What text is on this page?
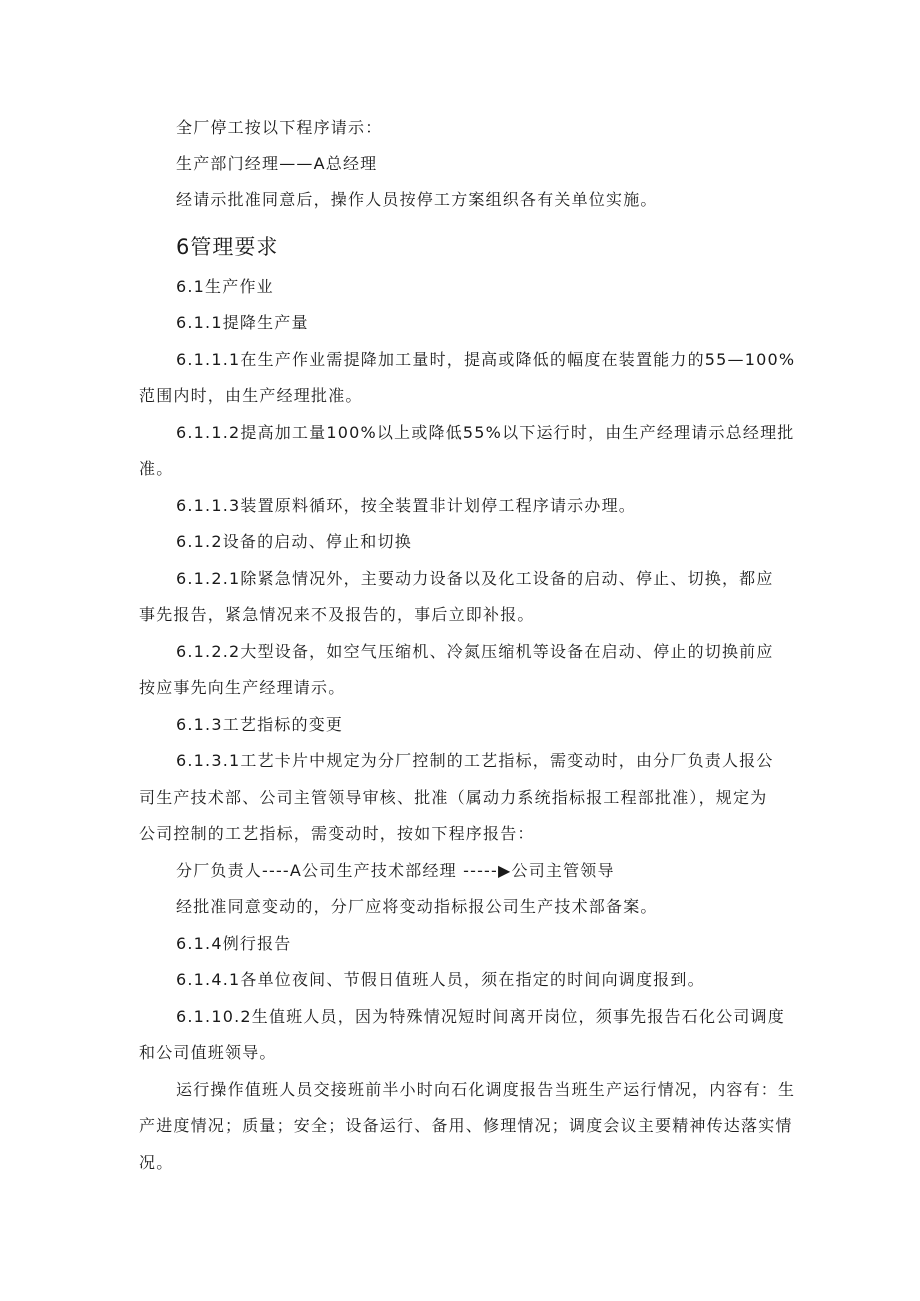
全厂停工按以下程序请示：
生产部门经理——A总经理
经请示批准同意后，操作人员按停工方案组织各有关单位实施。
6管理要求
6.1生产作业
6.1.1提降生产量
6.1.1.1在生产作业需提降加工量时，提高或降低的幅度在装置能力的55—100%
范围内时，由生产经理批准。
6.1.1.2提高加工量100%以上或降低55%以下运行时，由生产经理请示总经理批
准。
6.1.1.3装置原料循环，按全装置非计划停工程序请示办理。
6.1.2设备的启动、停止和切换
6.1.2.1除紧急情况外，主要动力设备以及化工设备的启动、停止、切换，都应
事先报告，紧急情况来不及报告的，事后立即补报。
6.1.2.2大型设备，如空气压缩机、冷氮压缩机等设备在启动、停止的切换前应
按应事先向生产经理请示。
6.1.3工艺指标的变更
6.1.3.1工艺卡片中规定为分厂控制的工艺指标，需变动时，由分厂负责人报公
司生产技术部、公司主管领导审核、批准（属动力系统指标报工程部批准），规定为
公司控制的工艺指标，需变动时，按如下程序报告：
分厂负责人----A公司生产技术部经理 -----▶公司主管领导
经批准同意变动的，分厂应将变动指标报公司生产技术部备案。
6.1.4例行报告
6.1.4.1各单位夜间、节假日值班人员，须在指定的时间向调度报到。
6.1.10.2生值班人员，因为特殊情况短时间离开岗位，须事先报告石化公司调度
和公司值班领导。
运行操作值班人员交接班前半小时向石化调度报告当班生产运行情况，内容有：生
产进度情况；质量；安全；设备运行、备用、修理情况；调度会议主要精神传达落实情
况。
